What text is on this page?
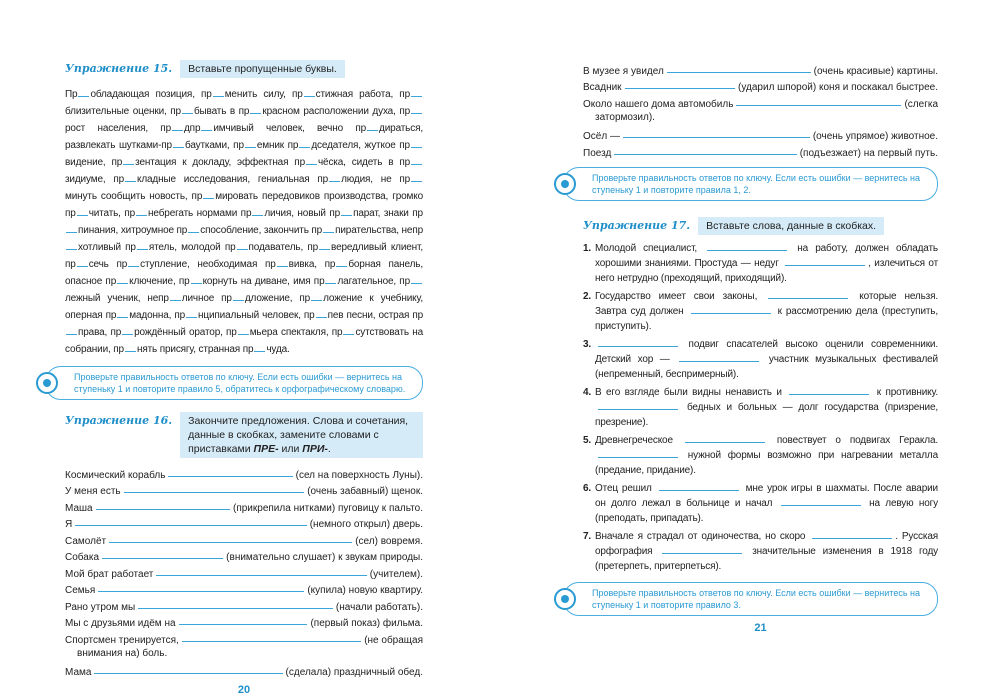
Упражнение 15.	Вставьте пропущенные буквы.
Пр обладающая позиция, пр менить силу, пр стижная работа, прблизительные оценки, пр бывать в пр красном расположении духа, пррост населения, пр дпр имчивый человек, вечно пр дираться, развлекать шутками-пр баутками, пр емник пр дседателя, жуткое првидение, пр зентация к докладу, эффектная пр чёска, сидеть в прзидиуме, пр кладные исследования, гениальная пр людия, не прминуть сообщить новость, пр мировать передовиков производства, громко пр читать, пр небрегать нормами пр личия, новый пр парат, знаки прпинания, хитроумное пр способление, закончить пр пирательства, непрхотливый пр ятель, молодой пр подаватель, пр вередливый клиент, пр сечь пр ступление, необходимая пр вивка, пр борная панель, опасное пр ключение, пр корнуть на диване, имя пр лагательное, прлежный ученик, непр личное пр дложение, пр ложение к учебнику, оперная пр мадонна, пр нципиальный человек, пр пев песни, острая прправа, пр рождённый оратор, пр мьера спектакля, пр сутствовать на собрании, пр нять присягу, странная пр чуда.
Проверьте правильность ответов по ключу. Если есть ошибки — вернитесь на ступеньку 1 и повторите правило 5, обратитесь к орфографическому словарю.
Упражнение 16.	Закончите предложения. Слова и сочетания, данные в скобках, замените словами с приставками ПРЕ- или ПРИ-.
Космический корабль	(сел на поверхность Луны).
У меня есть	(очень забавный) щенок.
Маша	(прикрепила нитками) пуговицу к пальто.
Я	(немного открыл) дверь.
Самолёт	(сел) вовремя.
Собака	(внимательно слушает) к звукам природы.
Мой брат работает	(учителем).
Семья	(купила) новую квартиру.
Рано утром мы	(начали работать).
Мы с друзьями идём на	(первый показ) фильма.
Спортсмен тренируется,	(не обращая
внимания на) боль.
Мама	(сделала) праздничный обед.
20
В музее я увидел	(очень красивые) картины.
Всадник	(ударил шпорой) коня и поскакал быстрее.
Около нашего дома автомобиль	(слегка
затормозил).
Осёл —	(очень упрямое) животное.
Поезд	(подъезжает) на первый путь.
Проверьте правильность ответов по ключу. Если есть ошибки — вернитесь на ступеньку 1 и повторите правила 1, 2.
Упражнение 17.	Вставьте слова, данные в скобках.
1. Молодой специалист,	на работу, должен обладать хорошими знаниями. Простуда — недуг	, излечиться от него нетрудно (преходящий, приходящий).
2. Государство имеет свои законы,	которые нельзя. Завтра суд должен	к рассмотрению дела (преступить, приступить).
3.	подвиг спасателей высоко оценили современники. Детский хор —	участник музыкальных фестивалей (непременный, беспримерный).
4. В его взгляде были видны ненависть и	к противнику.  бедных и больных — долг государства (призрение, презрение).
5. Древнегреческое	повествует о подвигах Геракла.  нужной формы возможно при нагревании металла (предание, придание).
6. Отец решил	мне урок игры в шахматы. После аварии он долго лежал в больнице и начал	на левую ногу (преподать, припадать).
7. Вначале я страдал от одиночества, но скоро	. Русская орфография	значительные изменения в 1918 году (претерпеть, притерпеться).
Проверьте правильность ответов по ключу. Если есть ошибки — вернитесь на ступеньку 1 и повторите правило 3.
21
